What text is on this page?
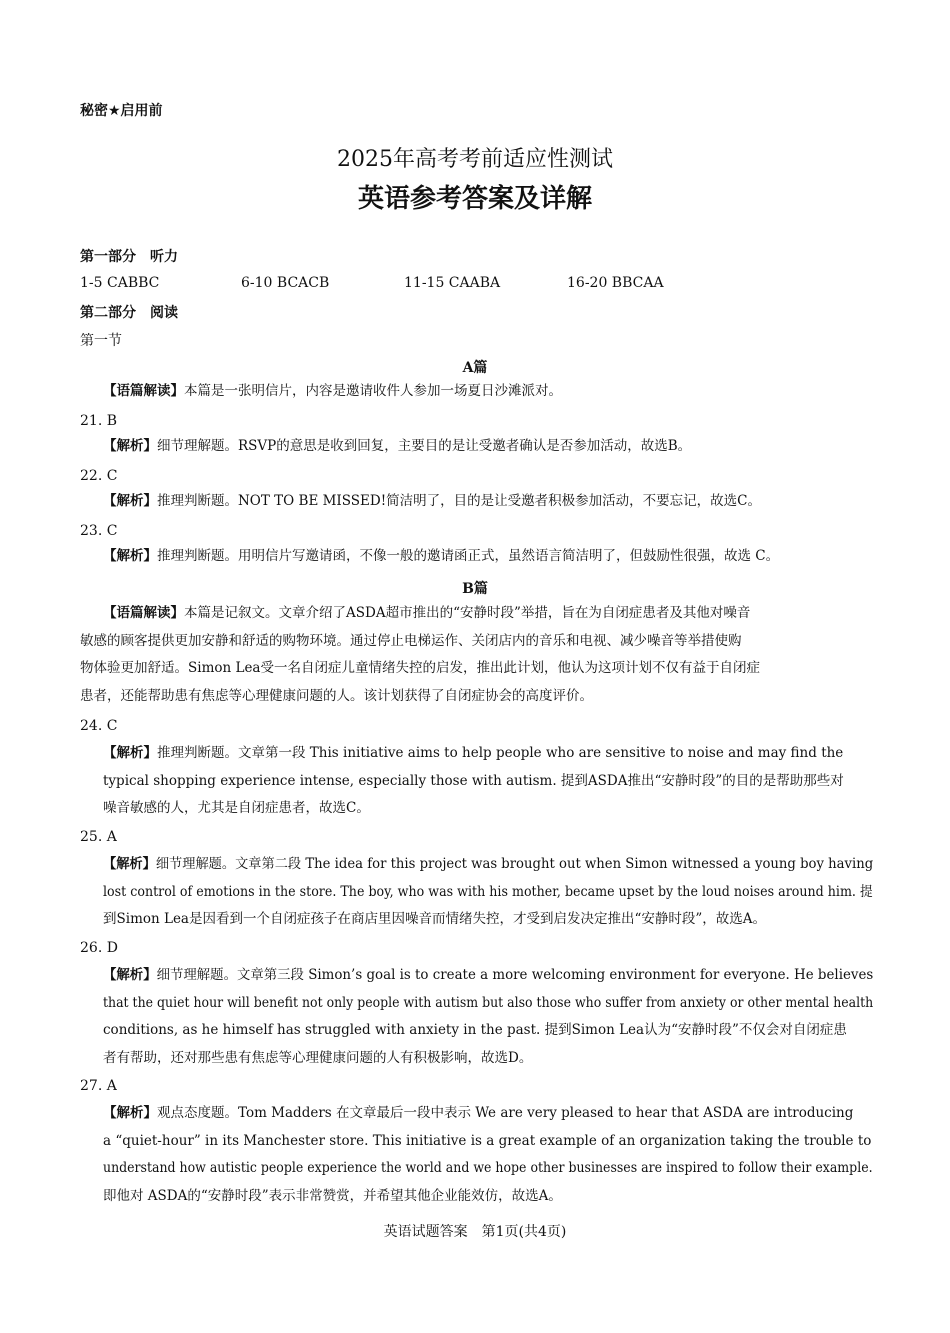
秘密★启用前
2025年高考考前适应性测试
英语参考答案及详解
第一部分　听力
1-5 CABBC	6-10 BCACB	11-15 CAABA	16-20 BBCAA
第二部分　阅读
第一节
A篇
【语篇解读】本篇是一张明信片，内容是邀请收件人参加一场夏日沙滩派对。
21. B
【解析】细节理解题。RSVP的意思是收到回复，主要目的是让受邀者确认是否参加活动，故选B。
22. C
【解析】推理判断题。NOT TO BE MISSED!简洁明了，目的是让受邀者积极参加活动，不要忘记，故选C。
23. C
【解析】推理判断题。用明信片写邀请函，不像一般的邀请函正式，虽然语言简洁明了，但鼓励性很强，故选 C。
B篇
【语篇解读】本篇是记叙文。文章介绍了ASDA超市推出的“安静时段”举措，旨在为自闭症患者及其他对噪音
敏感的顾客提供更加安静和舒适的购物环境。通过停止电梯运作、关闭店内的音乐和电视、减少噪音等举措使购
物体验更加舒适。Simon Lea受一名自闭症儿童情绪失控的启发，推出此计划，他认为这项计划不仅有益于自闭症
患者，还能帮助患有焦虑等心理健康问题的人。该计划获得了自闭症协会的高度评价。
24. C
【解析】推理判断题。文章第一段 This initiative aims to help people who are sensitive to noise and may find the
typical shopping experience intense, especially those with autism. 提到ASDA推出“安静时段”的目的是帮助那些对
噪音敏感的人，尤其是自闭症患者，故选C。
25. A
【解析】细节理解题。文章第二段 The idea for this project was brought out when Simon witnessed a young boy having
lost control of emotions in the store. The boy, who was with his mother, became upset by the loud noises around him. 提
到Simon Lea是因看到一个自闭症孩子在商店里因噪音而情绪失控，才受到启发决定推出“安静时段”，故选A。
26. D
【解析】细节理解题。文章第三段 Simon’s goal is to create a more welcoming environment for everyone. He believes
that the quiet hour will benefit not only people with autism but also those who suffer from anxiety or other mental health
conditions, as he himself has struggled with anxiety in the past. 提到Simon Lea认为“安静时段”不仅会对自闭症患
者有帮助，还对那些患有焦虑等心理健康问题的人有积极影响，故选D。
27. A
【解析】观点态度题。Tom Madders 在文章最后一段中表示 We are very pleased to hear that ASDA are introducing
a “quiet-hour” in its Manchester store. This initiative is a great example of an organization taking the trouble to
understand how autistic people experience the world and we hope other businesses are inspired to follow their example.
即他对 ASDA的“安静时段”表示非常赞赏，并希望其他企业能效仿，故选A。
英语试题答案　第1页(共4页)
